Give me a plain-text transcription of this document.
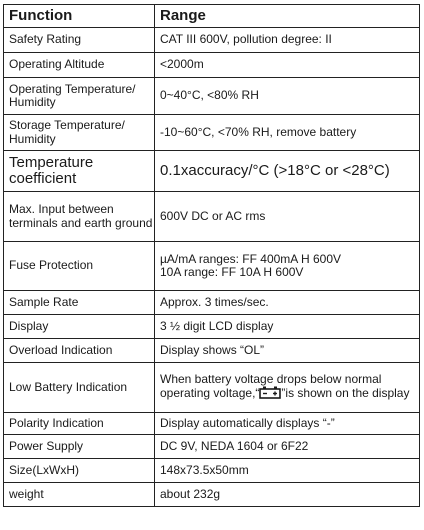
Function	Range
Safety Rating	CAT III 600V, pollution degree: II
Operating Altitude	<2000m
Operating Temperature/ Humidity	0~40°C, <80% RH
Storage Temperature/ Humidity	-10~60°C, <70% RH, remove battery
Temperature coefficient	0.1xaccuracy/°C (>18°C or <28°C)
Max. Input between terminals and earth ground	600V DC or AC rms
Fuse Protection	µA/mA ranges: FF 400mA H 600V
10A range: FF 10A H 600V

Sample Rate	Approx. 3 times/sec.
Display	3 ½ digit LCD display
Overload Indication	Display shows “OL”
Low Battery Indication	When battery voltage drops below normal operating voltage,“ ”is shown on the display
Polarity Indication	Display automatically displays “-”
Power Supply	DC 9V, NEDA 1604 or 6F22
Size(LxWxH)	148x73.5x50mm
weight	about 232g
